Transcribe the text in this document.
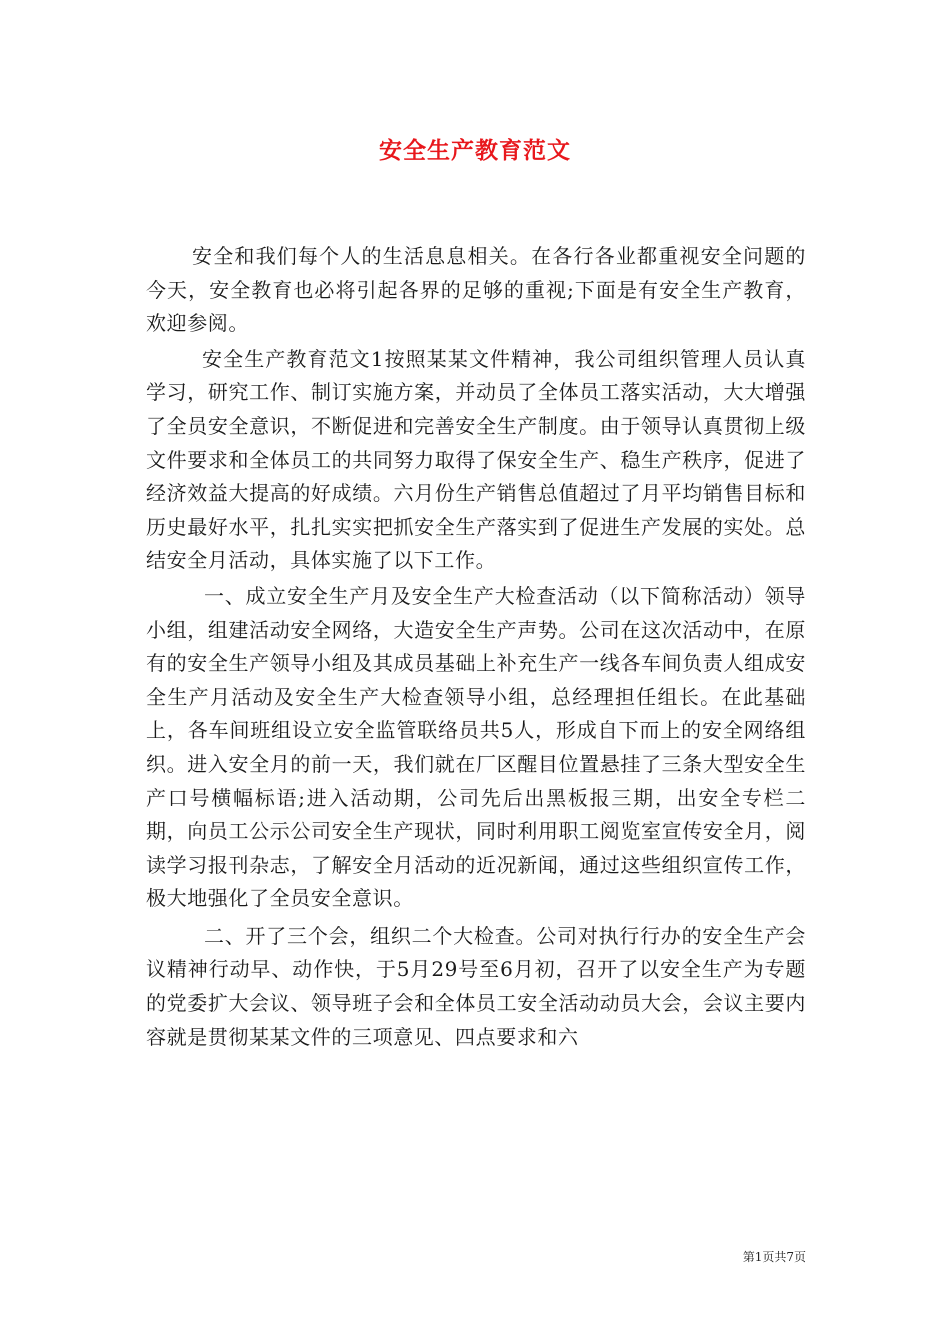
安全生产教育范文

安全和我们每个人的生活息息相关。在各行各业都重视安全问题的今天，安全教育也必将引起各界的足够的重视;下面是有安全生产教育，欢迎参阅。

安全生产教育范文1按照某某文件精神，我公司组织管理人员认真学习，研究工作、制订实施方案，并动员了全体员工落实活动，大大增强了全员安全意识，不断促进和完善安全生产制度。由于领导认真贯彻上级文件要求和全体员工的共同努力取得了保安全生产、稳生产秩序，促进了经济效益大提高的好成绩。六月份生产销售总值超过了月平均销售目标和历史最好水平，扎扎实实把抓安全生产落实到了促进生产发展的实处。总结安全月活动，具体实施了以下工作。

一、成立安全生产月及安全生产大检查活动（以下简称活动）领导小组，组建活动安全网络，大造安全生产声势。公司在这次活动中，在原有的安全生产领导小组及其成员基础上补充生产一线各车间负责人组成安全生产月活动及安全生产大检查领导小组，总经理担任组长。在此基础上，各车间班组设立安全监管联络员共5人，形成自下而上的安全网络组织。进入安全月的前一天，我们就在厂区醒目位置悬挂了三条大型安全生产口号横幅标语;进入活动期，公司先后出黑板报三期，出安全专栏二期，向员工公示公司安全生产现状，同时利用职工阅览室宣传安全月，阅读学习报刊杂志，了解安全月活动的近况新闻，通过这些组织宣传工作，极大地强化了全员安全意识。

二、开了三个会，组织二个大检查。公司对执行行办的安全生产会议精神行动早、动作快，于5月29号至6月初，召开了以安全生产为专题的党委扩大会议、领导班子会和全体员工安全活动动员大会，会议主要内容就是贯彻某某文件的三项意见、四点要求和六

第1页共7页
